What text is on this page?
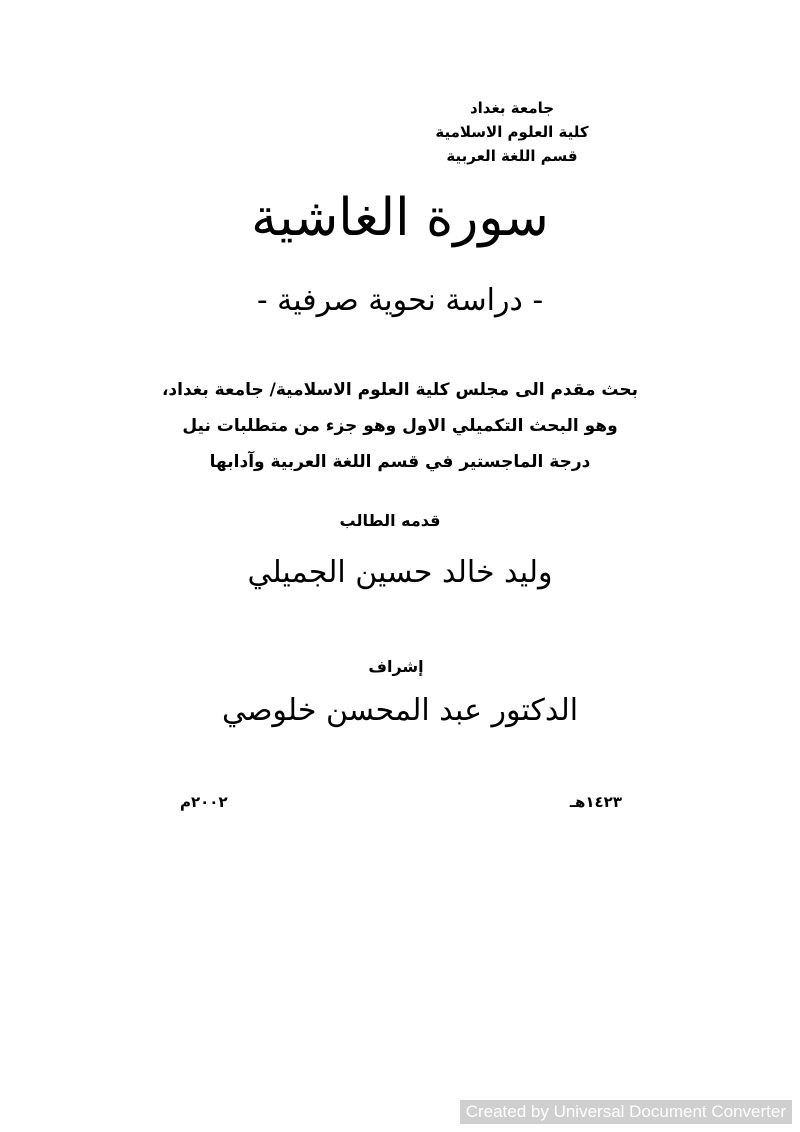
جامعة بغداد
كلية العلوم الاسلامية
قسم اللغة العربية
سورة الغاشية
- دراسة نحوية صرفية -
بحث مقدم الى مجلس كلية العلوم الاسلامية/ جامعة بغداد،
وهو البحث التكميلي الاول وهو جزء من متطلبات نيل
درجة الماجستير في قسم اللغة العربية وآدابها
قدمه الطالب
وليد خالد حسين الجميلي
إشراف
الدكتور عبد المحسن خلوصي
١٤٢٣هـ
٢٠٠٢م
Created by Universal Document Converter
